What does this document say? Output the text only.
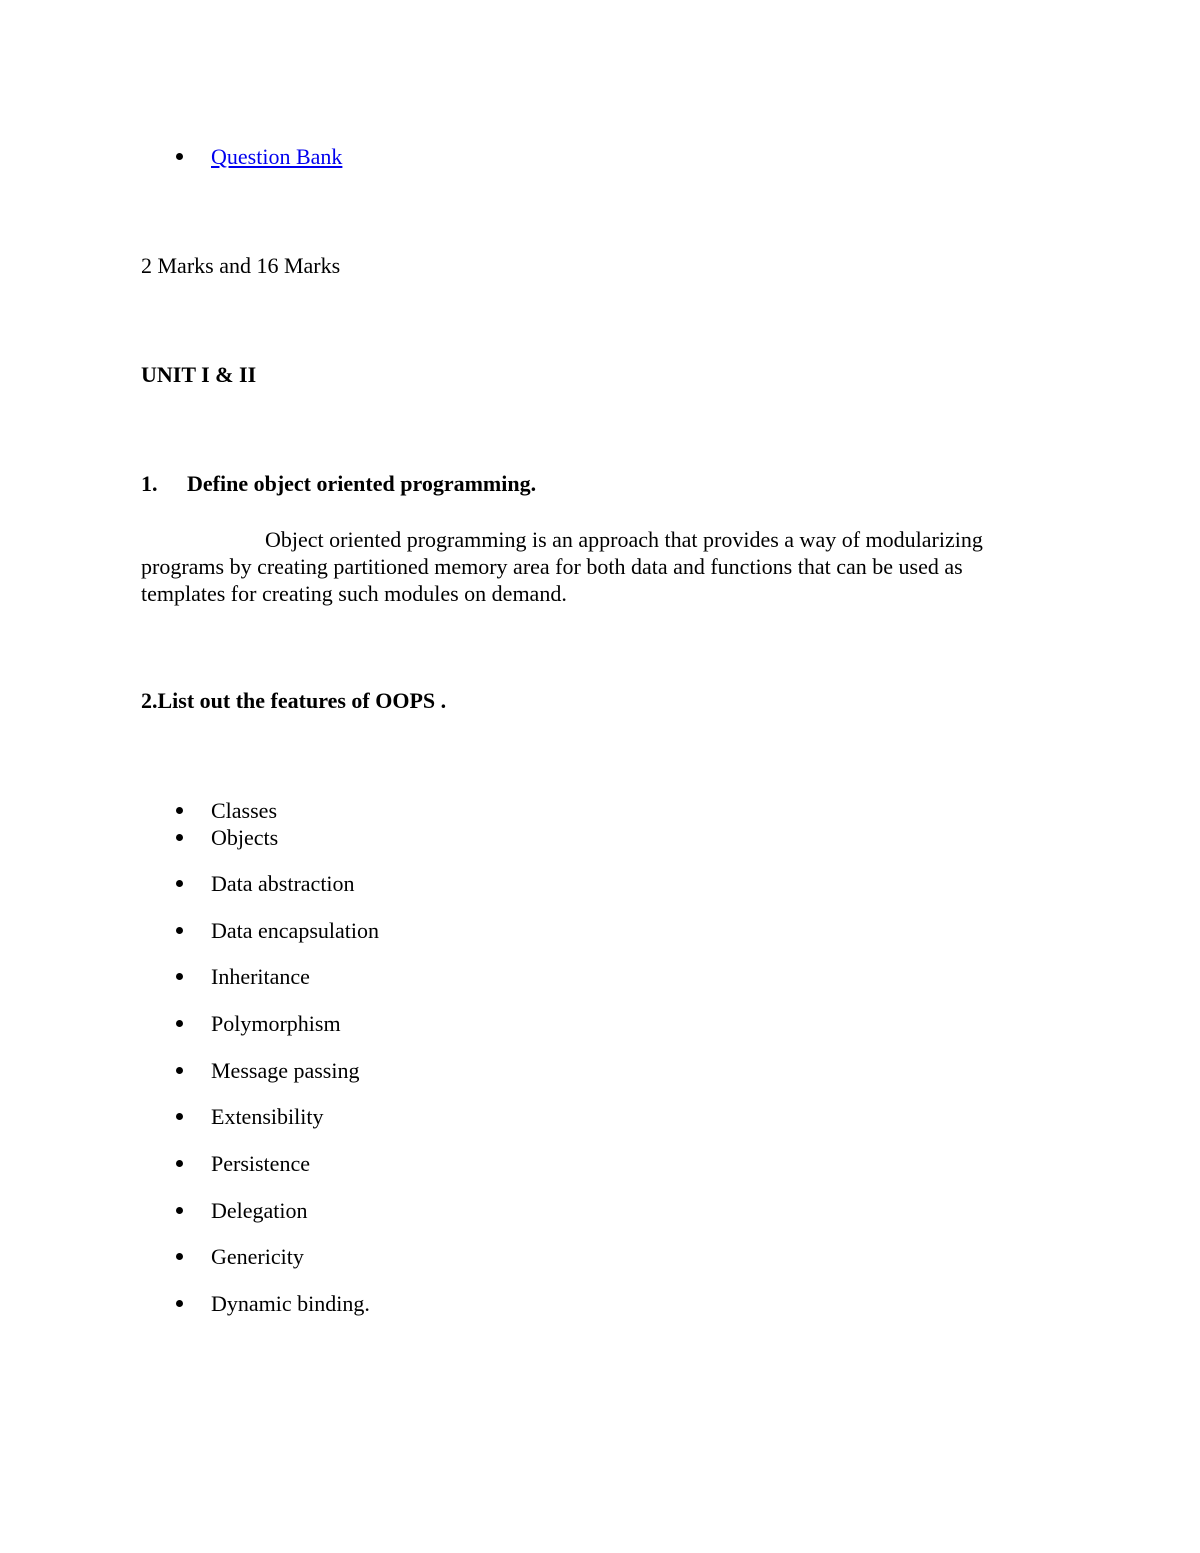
Question Bank
2 Marks and 16 Marks
UNIT I & II
1. Define object oriented programming.
Object oriented programming is an approach that provides a way of modularizing programs by creating partitioned memory area for both data and functions that can be used as templates for creating such modules on demand.
2.List out the features of OOPS .
Classes
Objects
Data abstraction
Data encapsulation
Inheritance
Polymorphism
Message passing
Extensibility
Persistence
Delegation
Genericity
Dynamic binding.
